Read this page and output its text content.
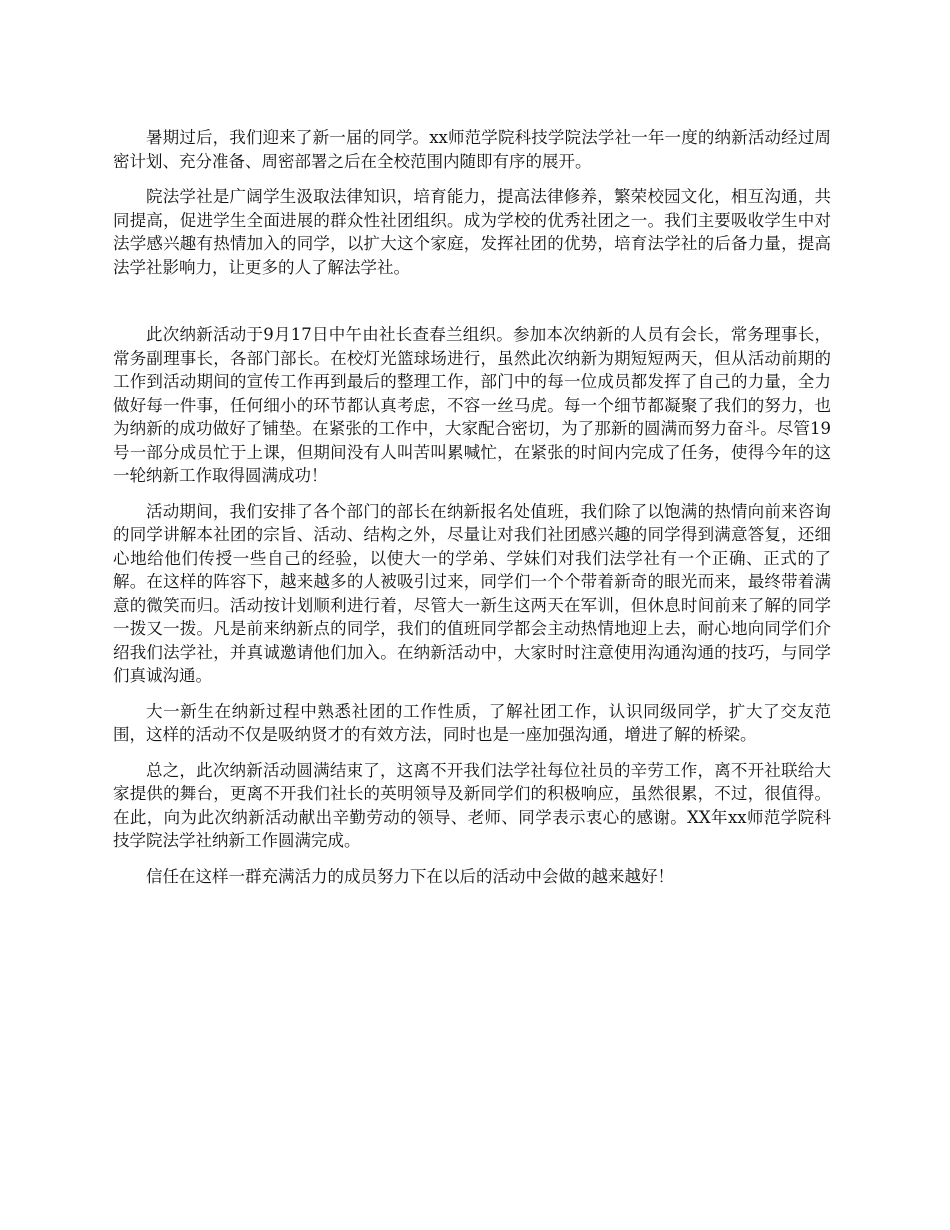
暑期过后，我们迎来了新一届的同学。xx师范学院科技学院法学社一年一度的纳新活动经过周密计划、充分准备、周密部署之后在全校范围内随即有序的展开。

院法学社是广阔学生汲取法律知识，培育能力，提高法律修养，繁荣校园文化，相互沟通，共同提高，促进学生全面进展的群众性社团组织。成为学校的优秀社团之一。我们主要吸收学生中对法学感兴趣有热情加入的同学，以扩大这个家庭，发挥社团的优势，培育法学社的后备力量，提高法学社影响力，让更多的人了解法学社。

此次纳新活动于9月17日中午由社长查春兰组织。参加本次纳新的人员有会长，常务理事长，常务副理事长，各部门部长。在校灯光篮球场进行，虽然此次纳新为期短短两天，但从活动前期的工作到活动期间的宣传工作再到最后的整理工作，部门中的每一位成员都发挥了自己的力量，全力做好每一件事，任何细小的环节都认真考虑，不容一丝马虎。每一个细节都凝聚了我们的努力，也为纳新的成功做好了铺垫。在紧张的工作中，大家配合密切，为了那新的圆满而努力奋斗。尽管19号一部分成员忙于上课，但期间没有人叫苦叫累喊忙，在紧张的时间内完成了任务，使得今年的这一轮纳新工作取得圆满成功！

活动期间，我们安排了各个部门的部长在纳新报名处值班，我们除了以饱满的热情向前来咨询的同学讲解本社团的宗旨、活动、结构之外，尽量让对我们社团感兴趣的同学得到满意答复，还细心地给他们传授一些自己的经验，以使大一的学弟、学妹们对我们法学社有一个正确、正式的了解。在这样的阵容下，越来越多的人被吸引过来，同学们一个个带着新奇的眼光而来，最终带着满意的微笑而归。活动按计划顺利进行着，尽管大一新生这两天在军训，但休息时间前来了解的同学一拨又一拨。凡是前来纳新点的同学，我们的值班同学都会主动热情地迎上去，耐心地向同学们介绍我们法学社，并真诚邀请他们加入。在纳新活动中，大家时时注意使用沟通沟通的技巧，与同学们真诚沟通。

大一新生在纳新过程中熟悉社团的工作性质，了解社团工作，认识同级同学，扩大了交友范围，这样的活动不仅是吸纳贤才的有效方法，同时也是一座加强沟通，增进了解的桥梁。

总之，此次纳新活动圆满结束了，这离不开我们法学社每位社员的辛劳工作，离不开社联给大家提供的舞台，更离不开我们社长的英明领导及新同学们的积极响应，虽然很累，不过，很值得。在此，向为此次纳新活动献出辛勤劳动的领导、老师、同学表示衷心的感谢。XX年xx师范学院科技学院法学社纳新工作圆满完成。

信任在这样一群充满活力的成员努力下在以后的活动中会做的越来越好！
